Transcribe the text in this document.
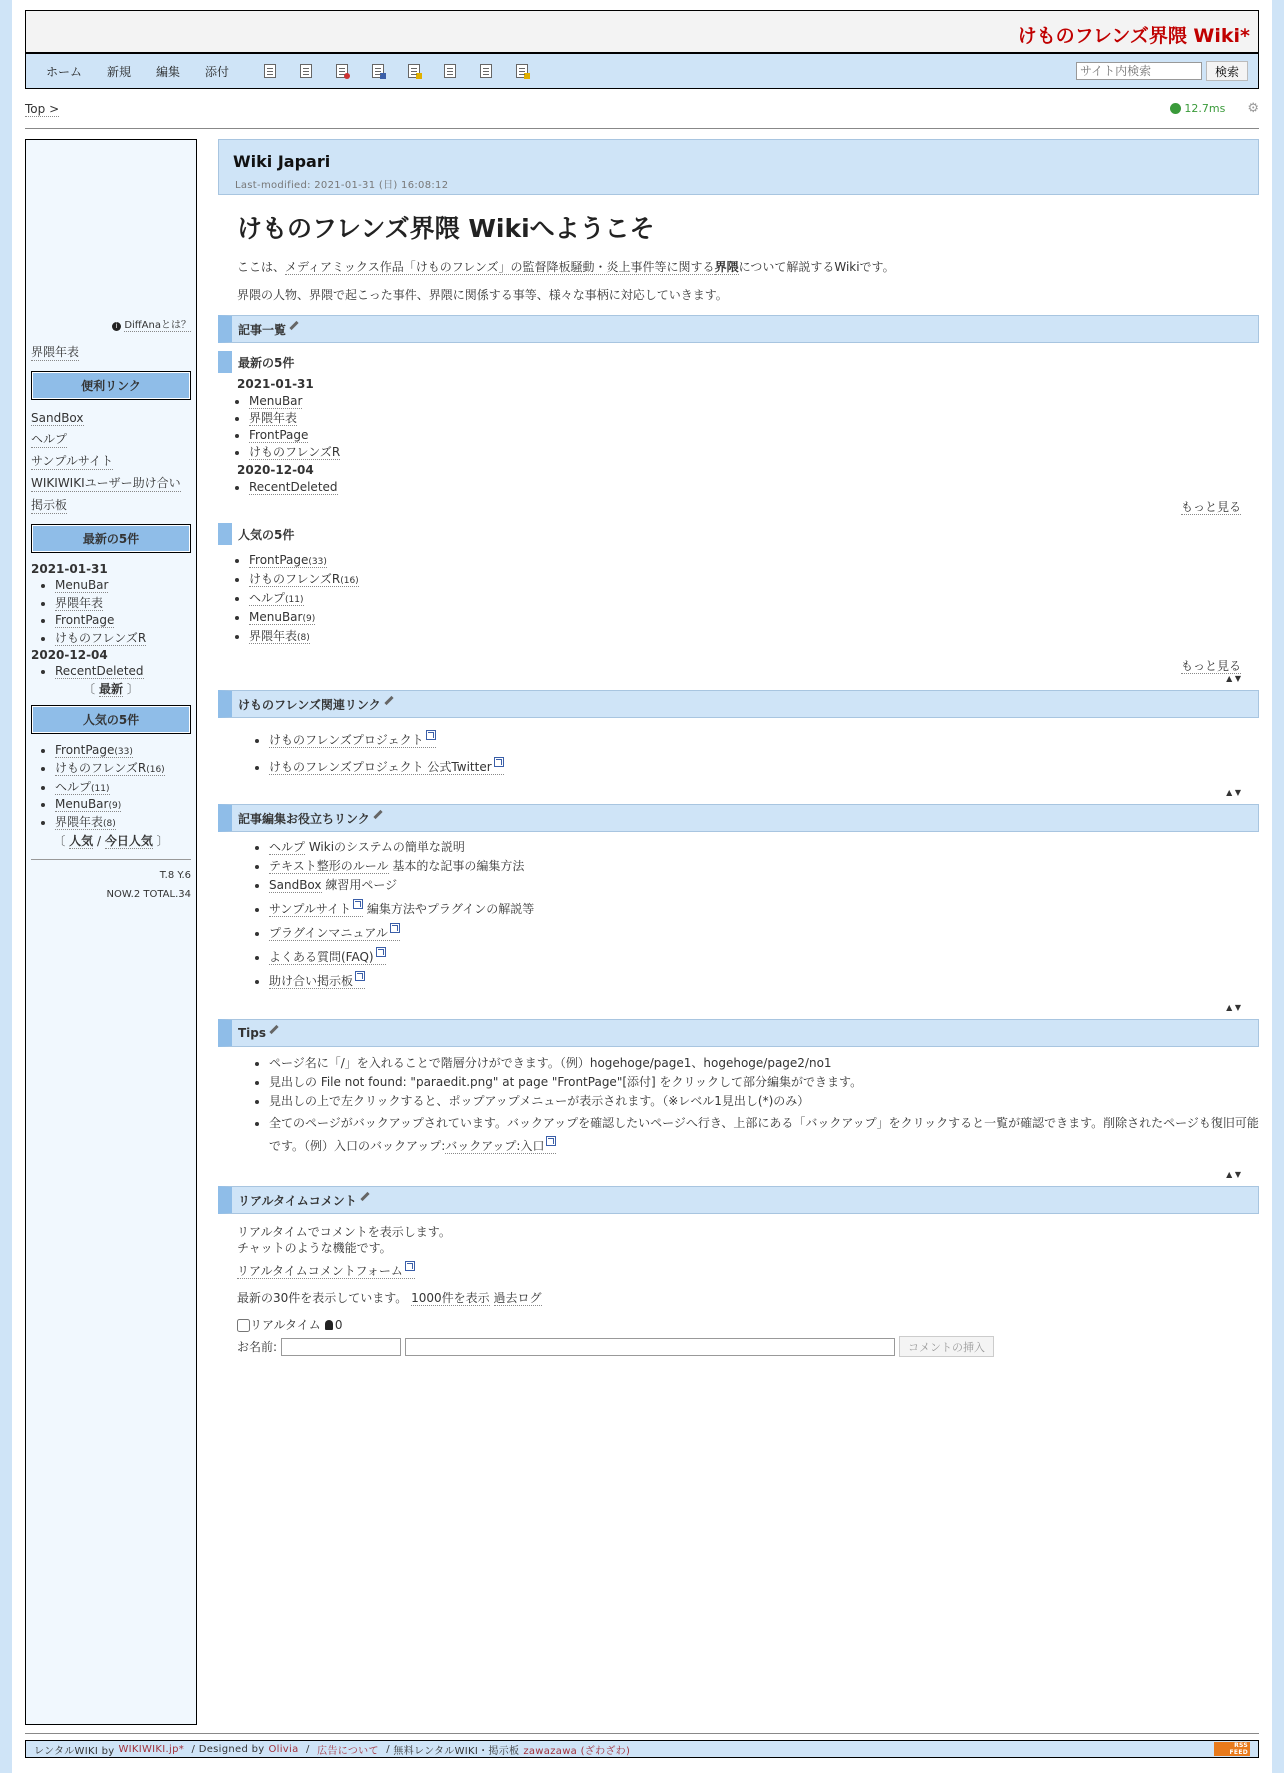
けものフレンズ界隈 Wiki*
ホーム 新規 編集 添付
サイト内検索	検索
Top >	12.7ms ⚙
i DiffAnaとは？
界隈年表
便利リンク
SandBox
ヘルプ
サンプルサイト
WIKIWIKIユーザー助け合い
掲示板
最新の5件
2021-01-31
• MenuBar
• 界隈年表
• FrontPage
• けものフレンズR
2020-12-04
• RecentDeleted
〔 最新 〕
人気の5件
• FrontPage(33)
• けものフレンズR(16)
• ヘルプ(11)
• MenuBar(9)
• 界隈年表(8)
〔 人気 / 今日人気 〕
T.8 Y.6
NOW.2 TOTAL.34
Wiki Japari
Last-modified: 2021-01-31 (日) 16:08:12
けものフレンズ界隈 Wikiへようこそ

ここは、メディアミックス作品「けものフレンズ」の監督降板騒動・炎上事件等に関する界隈について解説するWikiです。

界隈の人物、界隈で起こった事件、界隈に関係する事等、様々な事柄に対応していきます。

記事一覧
最新の5件
2021-01-31
• MenuBar
• 界隈年表
• FrontPage
• けものフレンズR
2020-12-04
• RecentDeleted
もっと見る
人気の5件
• FrontPage(33)
• けものフレンズR(16)
• ヘルプ(11)
• MenuBar(9)
• 界隈年表(8)
もっと見る
▲ ▼
けものフレンズ関連リンク
• けものフレンズプロジェクト
• けものフレンズプロジェクト 公式Twitter
▲ ▼
記事編集お役立ちリンク
• ヘルプ Wikiのシステムの簡単な説明
• テキスト整形のルール 基本的な記事の編集方法
• SandBox 練習用ページ
• サンプルサイト 編集方法やプラグインの解説等
• プラグインマニュアル
• よくある質問(FAQ)
• 助け合い掲示板
▲ ▼
Tips
• ページ名に「/」を入れることで階層分けができます。（例）hogehoge/page1、hogehoge/page2/no1
• 見出しの File not found: "paraedit.png" at page "FrontPage"[添付] をクリックして部分編集ができます。
• 見出しの上で左クリックすると、ポップアップメニューが表示されます。（※レベル1見出し(*)のみ）
• 全てのページがバックアップされています。バックアップを確認したいページへ行き、上部にある「バックアップ」をクリックすると一覧が確認できます。削除されたページも復旧可能です。（例）入口のバックアップ:バックアップ:入口
▲ ▼
リアルタイムコメント
リアルタイムでコメントを表示します。
チャットのような機能です。
リアルタイムコメントフォーム
最新の30件を表示しています。 1000件を表示 過去ログ
リアルタイム 0
お名前:	コメントの挿入
レンタルWIKI by WIKIWIKI.jp* / Designed by Olivia / 広告について / 無料レンタルWIKI・掲示板 zawazawa (ざわざわ)	RSS FEED
